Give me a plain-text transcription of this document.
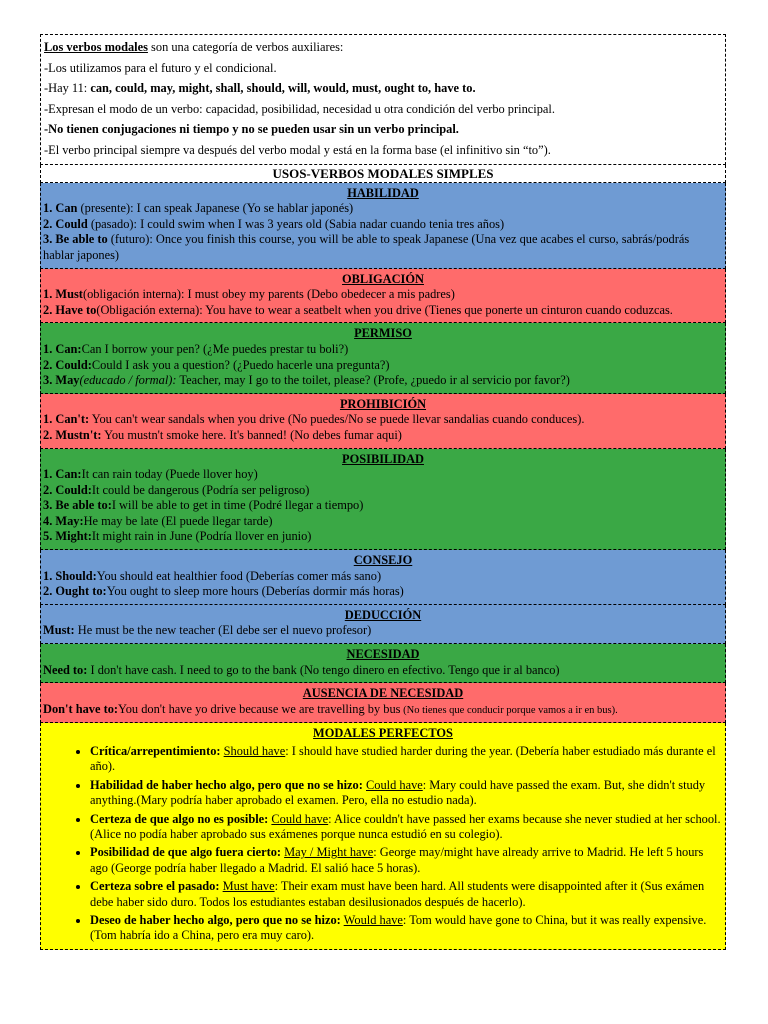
Los verbos modales son una categoría de verbos auxiliares:
-Los utilizamos para el futuro y el condicional.
-Hay 11: can, could, may, might, shall, should, will, would, must, ought to, have to.
-Expresan el modo de un verbo: capacidad, posibilidad, necesidad u otra condición del verbo principal.
-No tienen conjugaciones ni tiempo y no se pueden usar sin un verbo principal.
-El verbo principal siempre va después del verbo modal y está en la forma base (el infinitivo sin “to”).
USOS-VERBOS MODALES SIMPLES
HABILIDAD
1. Can (presente): I can speak Japanese (Yo se hablar japonés)
2. Could (pasado): I could swim when I was 3 years old (Sabia nadar cuando tenia tres años)
3. Be able to (futuro): Once you finish this course, you will be able to speak Japanese (Una vez que acabes el curso, sabrás/podrás hablar japones)
OBLIGACIÓN
1. Must(obligación interna): I must obey my parents (Debo obedecer a mis padres)
2. Have to(Obligación externa): You have to wear a seatbelt when you drive (Tienes que ponerte un cinturon cuando coduzcas.
PERMISO
1. Can:Can I borrow your pen? (¿Me puedes prestar tu boli?)
2. Could:Could I ask you a question? (¿Puedo hacerle una pregunta?)
3. May(educado / formal): Teacher, may I go to the toilet, please? (Profe, ¿puedo ir al servicio por favor?)
PROHIBICIÓN
1. Can't: You can't wear sandals when you drive (No puedes/No se puede llevar sandalias cuando conduces).
2. Mustn't: You mustn't smoke here. It's banned! (No debes fumar aqui)
POSIBILIDAD
1. Can:It can rain today (Puede llover hoy)
2. Could:It could be dangerous (Podría ser peligroso)
3. Be able to:I will be able to get in time (Podré llegar a tiempo)
4. May:He may be late (El puede llegar tarde)
5. Might:It might rain in June (Podría llover en junio)
CONSEJO
1. Should:You should eat healthier food (Deberías comer más sano)
2. Ought to:You ought to sleep more hours (Deberías dormir más horas)
DEDUCCIÓN
Must: He must be the new teacher (El debe ser el nuevo profesor)
NECESIDAD
Need to: I don't have cash. I need to go to the bank (No tengo dinero en efectivo. Tengo que ir al banco)
AUSENCIA DE NECESIDAD
Don't have to:You don't have yo drive because we are travelling by bus (No tienes que conducir porque vamos a ir en bus).
MODALES PERFECTOS
• Crítica/arrepentimiento: Should have: I should have studied harder during the year. (Debería haber estudiado más durante el año).
• Habilidad de haber hecho algo, pero que no se hizo: Could have: Mary could have passed the exam. But, she didn't study anything.(Mary podría haber aprobado el examen. Pero, ella no estudio nada).
• Certeza de que algo no es posible: Could have: Alice couldn't have passed her exams because she never studied at her school. (Alice no podía haber aprobado sus exámenes porque nunca estudió en su colegio).
• Posibilidad de que algo fuera cierto: May / Might have: George may/might have already arrive to Madrid. He left 5 hours ago (George podría haber llegado a Madrid. El salió hace 5 horas).
• Certeza sobre el pasado: Must have: Their exam must have been hard. All students were disappointed after it (Sus exámen debe haber sido duro. Todos los estudiantes estaban desilusionados después de hacerlo).
• Deseo de haber hecho algo, pero que no se hizo: Would have: Tom would have gone to China, but it was really expensive. (Tom habría ido a China, pero era muy caro).
